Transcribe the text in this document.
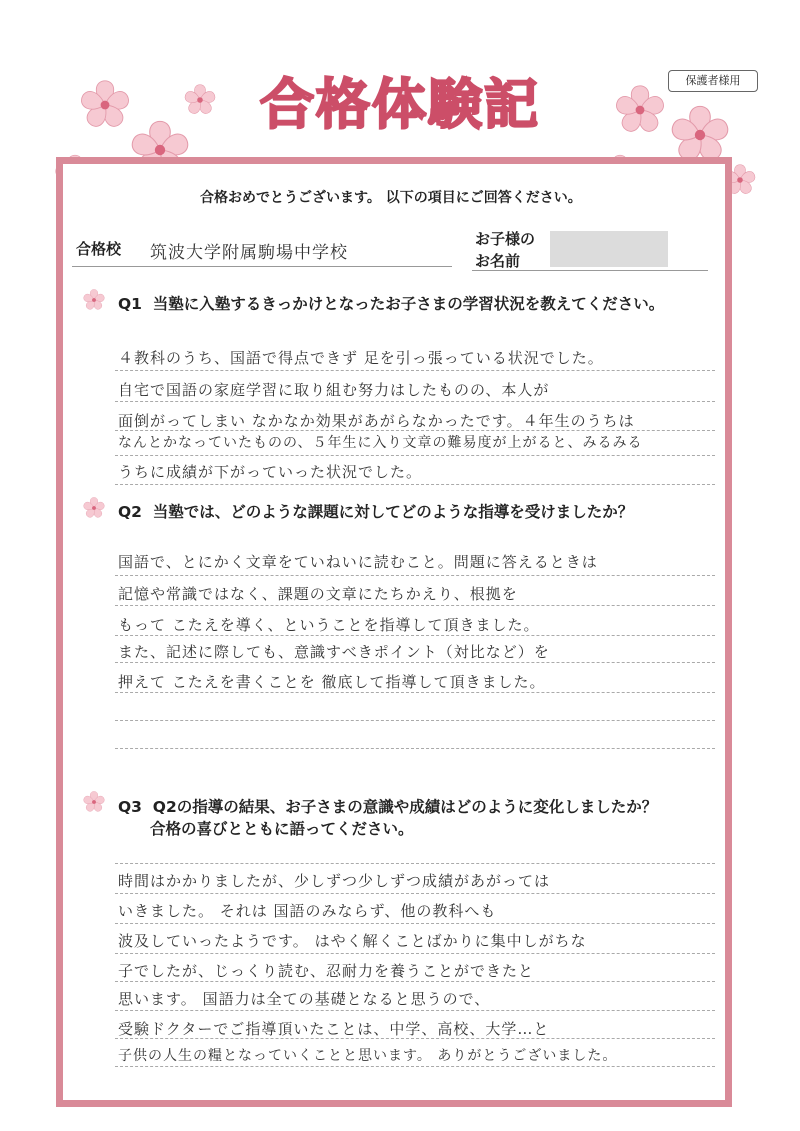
保護者様用
合格体験記
合格おめでとうございます。 以下の項目にご回答ください。
合格校 筑波大学附属駒場中学校
お子様の
お名前
Q1 当塾に入塾するきっかけとなったお子さまの学習状況を教えてください。
４教科のうち、国語で得点できず 足を引っ張っている状況でした。
自宅で国語の家庭学習に取り組む努力はしたものの、本人が
面倒がってしまい なかなか効果があがらなかったです。４年生のうちは
なんとかなっていたものの、５年生に入り文章の難易度が上がると、みるみる
うちに成績が下がっていった状況でした。
Q2 当塾では、どのような課題に対してどのような指導を受けましたか？
国語で、とにかく文章をていねいに読むこと。問題に答えるときは
記憶や常識ではなく、課題の文章にたちかえり、根拠を
もって こたえを導く、ということを指導して頂きました。
また、記述に際しても、意識すべきポイント（対比など）を
押えて こたえを書くことを 徹底して指導して頂きました。
Q3 Q2の指導の結果、お子さまの意識や成績はどのように変化しましたか？
合格の喜びとともに語ってください。
時間はかかりましたが、少しずつ少しずつ成績があがっては
いきました。 それは 国語のみならず、他の教科へも
波及していったようです。 はやく解くことばかりに集中しがちな
子でしたが、じっくり読む、忍耐力を養うことができたと
思います。 国語力は全ての基礎となると思うので、
受験ドクターでご指導頂いたことは、中学、高校、大学…と
子供の人生の糧となっていくことと思います。 ありがとうございました。
